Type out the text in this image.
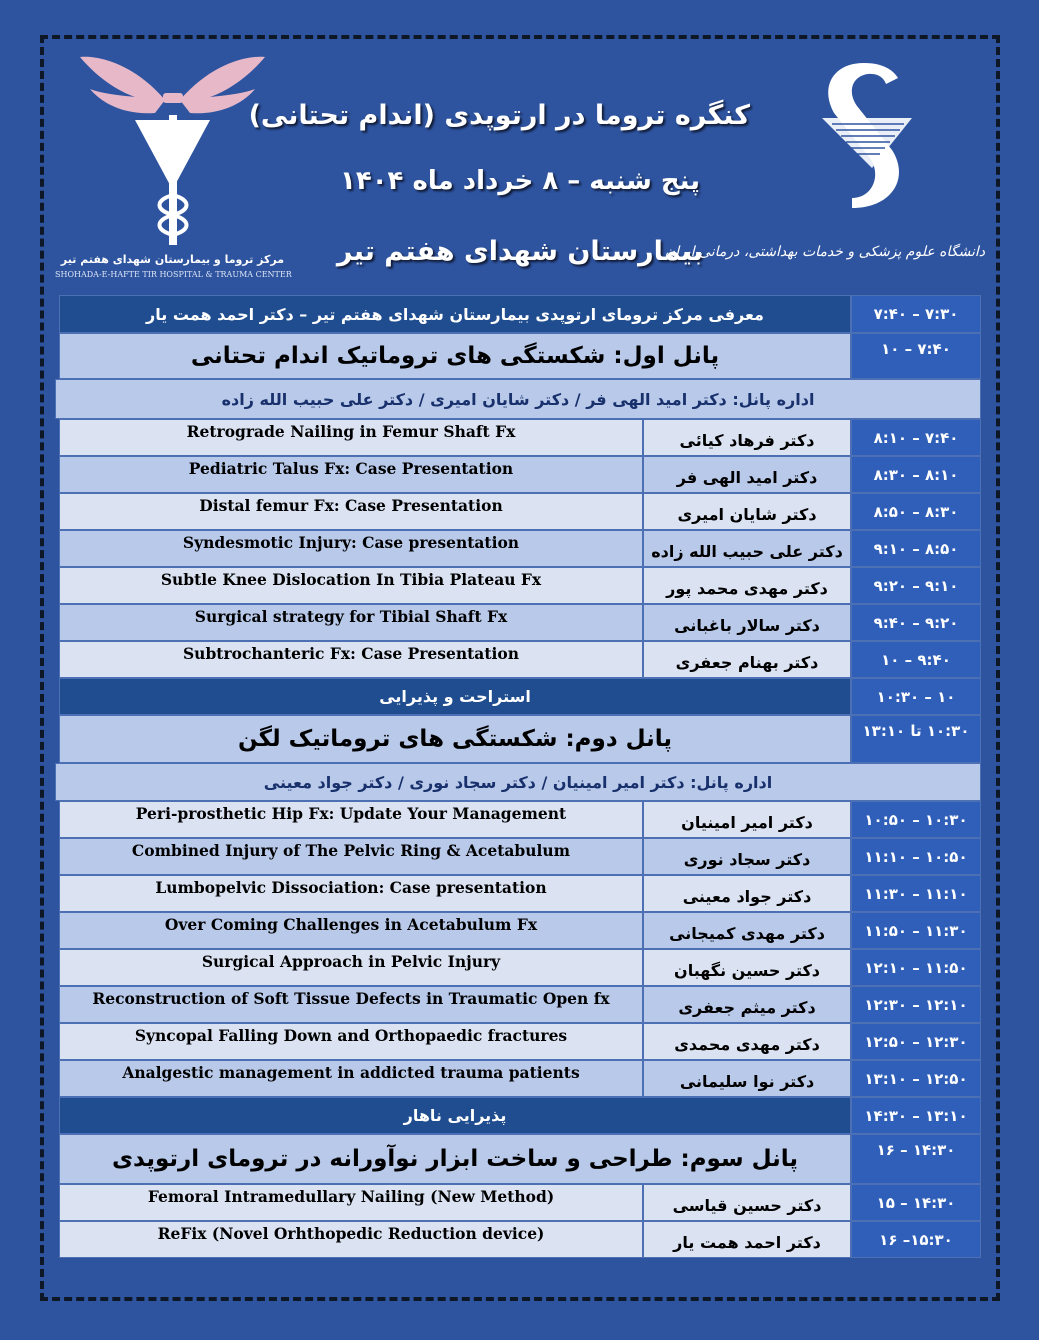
کنگره تروما در ارتوپدی (اندام تحتانی)
پنج شنبه – ۸ خرداد ماه ۱۴۰۴
بیمارستان شهدای هفتم تیر
دانشگاه علوم پزشکی و خدمات بهداشتی، درمانی ایران
مرکز تروما و بیمارستان شهدای هفتم تیر
SHOHADA-E-HAFTE TIR HOSPITAL & TRAUMA CENTER
معرفی مرکز ترومای ارتوپدی بیمارستان شهدای هفتم تیر – دکتر احمد همت یار	۷:۳۰ – ۷:۴۰
پانل اول: شکستگی های تروماتیک اندام تحتانی	۷:۴۰ – ۱۰
اداره پانل: دکتر امید الهی فر / دکتر شایان امیری / دکتر علی حبیب الله زاده
Retrograde Nailing in Femur Shaft Fx	دکتر فرهاد کیائی	۷:۴۰ – ۸:۱۰
Pediatric Talus Fx: Case Presentation	دکتر امید الهی فر	۸:۱۰ – ۸:۳۰
Distal femur Fx: Case Presentation	دکتر شایان امیری	۸:۳۰ – ۸:۵۰
Syndesmotic Injury: Case presentation	دکتر علی حبیب الله زاده	۸:۵۰ – ۹:۱۰
Subtle Knee Dislocation In Tibia Plateau Fx	دکتر مهدی محمد پور	۹:۱۰ – ۹:۲۰
Surgical strategy for Tibial Shaft Fx	دکتر سالار باغبانی	۹:۲۰ – ۹:۴۰
Subtrochanteric Fx: Case Presentation	دکتر بهنام جعفری	۹:۴۰ – ۱۰
استراحت و پذیرایی	۱۰ – ۱۰:۳۰
پانل دوم: شکستگی های تروماتیک لگن	۱۰:۳۰ تا ۱۳:۱۰
اداره پانل: دکتر امیر امینیان / دکتر سجاد نوری / دکتر جواد معینی
Peri-prosthetic Hip Fx: Update Your Management	دکتر امیر امینیان	۱۰:۳۰ – ۱۰:۵۰
Combined Injury of The Pelvic Ring & Acetabulum	دکتر سجاد نوری	۱۰:۵۰ – ۱۱:۱۰
Lumbopelvic Dissociation: Case presentation	دکتر جواد معینی	۱۱:۱۰ – ۱۱:۳۰
Over Coming Challenges in Acetabulum Fx	دکتر مهدی کمیجانی	۱۱:۳۰ – ۱۱:۵۰
Surgical Approach in Pelvic Injury	دکتر حسین نگهبان	۱۱:۵۰ – ۱۲:۱۰
Reconstruction of Soft Tissue Defects in Traumatic Open fx	دکتر میثم جعفری	۱۲:۱۰ – ۱۲:۳۰
Syncopal Falling Down and Orthopaedic fractures	دکتر مهدی محمدی	۱۲:۳۰ – ۱۲:۵۰
Analgestic management in addicted trauma patients	دکتر نوا سلیمانی	۱۲:۵۰ – ۱۳:۱۰
پذیرایی ناهار	۱۳:۱۰ – ۱۴:۳۰
پانل سوم: طراحی و ساخت ابزار نوآورانه در ترومای ارتوپدی	۱۴:۳۰ – ۱۶
Femoral Intramedullary Nailing (New Method)	دکتر حسین قیاسی	۱۴:۳۰ – ۱۵
ReFix (Novel Orhthopedic Reduction device)	دکتر احمد همت یار	۱۵:۳۰– ۱۶
